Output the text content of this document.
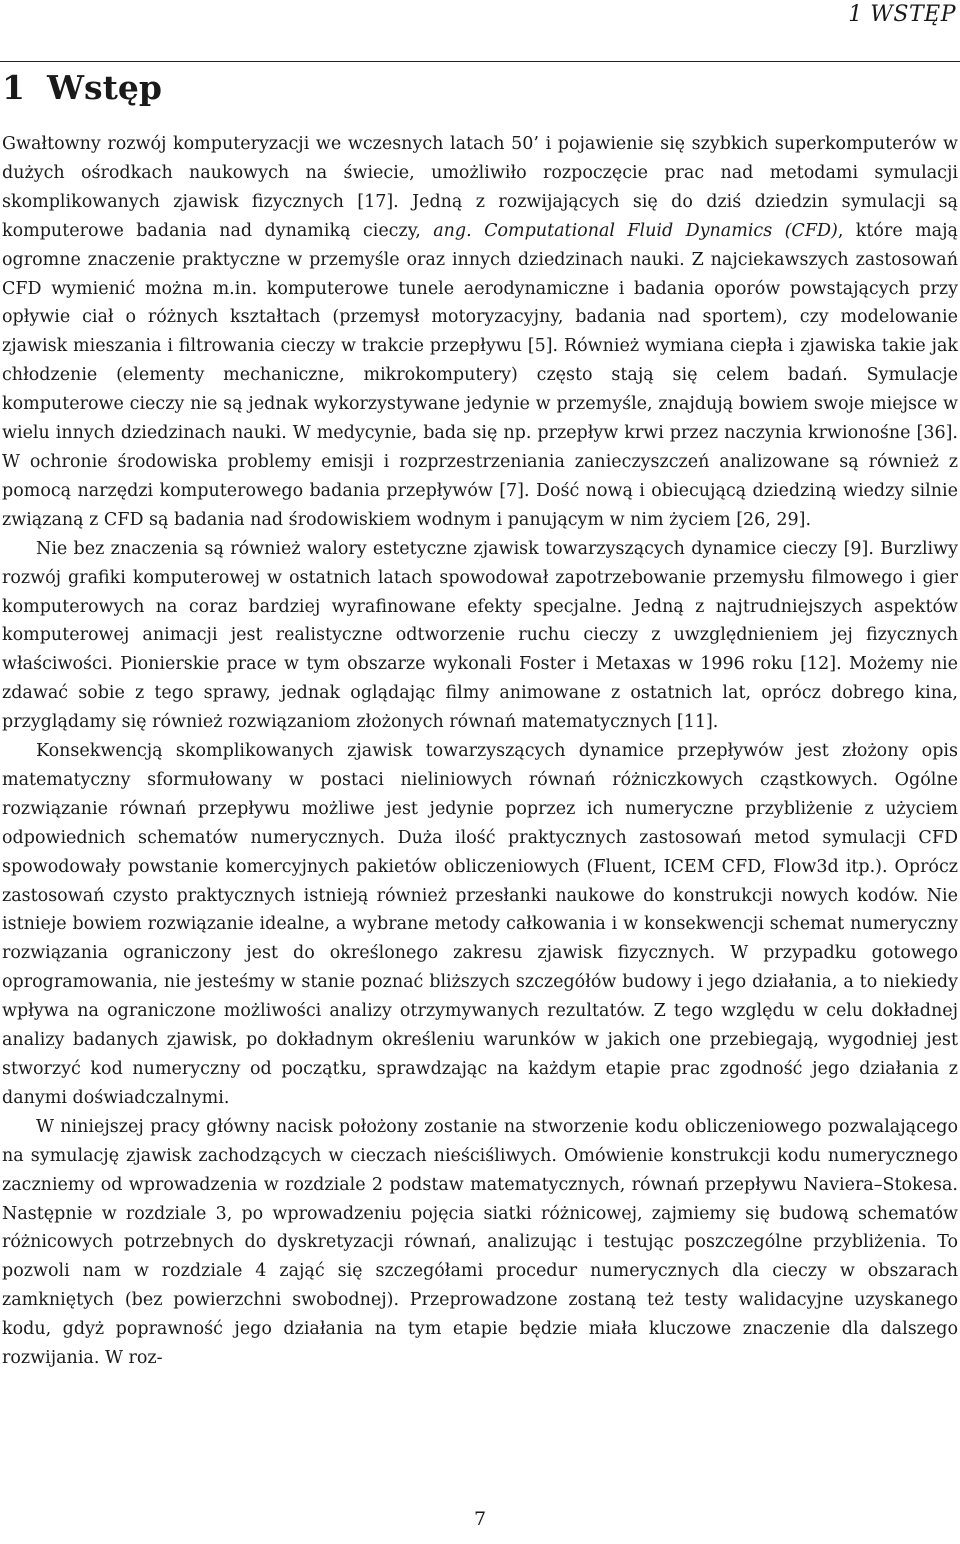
1 WSTĘP
1 Wstęp

Gwałtowny rozwój komputeryzacji we wczesnych latach 50’ i pojawienie się szybkich superkomputerów w dużych ośrodkach naukowych na świecie, umożliwiło rozpoczęcie prac nad metodami symulacji skomplikowanych zjawisk fizycznych [17]. Jedną z rozwijających się do dziś dziedzin symulacji są komputerowe badania nad dynamiką cieczy, ang. Computational Fluid Dynamics (CFD), które mają ogromne znaczenie praktyczne w przemyśle oraz innych dziedzinach nauki. Z najciekawszych zastosowań CFD wymienić można m.in. komputerowe tunele aerodynamiczne i badania oporów powstających przy opływie ciał o różnych kształtach (przemysł motoryzacyjny, badania nad sportem), czy modelowanie zjawisk mieszania i filtrowania cieczy w trakcie przepływu [5]. Również wymiana ciepła i zjawiska takie jak chłodzenie (elementy mechaniczne, mikrokomputery) często stają się celem badań. Symulacje komputerowe cieczy nie są jednak wykorzystywane jedynie w przemyśle, znajdują bowiem swoje miejsce w wielu innych dziedzinach nauki. W medycynie, bada się np. przepływ krwi przez naczynia krwionośne [36]. W ochronie środowiska problemy emisji i rozprzestrzeniania zanieczyszczeń analizowane są również z pomocą narzędzi komputerowego badania przepływów [7]. Dość nową i obiecującą dziedziną wiedzy silnie związaną z CFD są badania nad środowiskiem wodnym i panującym w nim życiem [26, 29].

Nie bez znaczenia są również walory estetyczne zjawisk towarzyszących dynamice cieczy [9]. Burzliwy rozwój grafiki komputerowej w ostatnich latach spowodował zapotrzebowanie przemysłu filmowego i gier komputerowych na coraz bardziej wyrafinowane efekty specjalne. Jedną z najtrudniejszych aspektów komputerowej animacji jest realistyczne odtworzenie ruchu cieczy z uwzględnieniem jej fizycznych właściwości. Pionierskie prace w tym obszarze wykonali Foster i Metaxas w 1996 roku [12]. Możemy nie zdawać sobie z tego sprawy, jednak oglądając filmy animowane z ostatnich lat, oprócz dobrego kina, przyglądamy się również rozwiązaniom złożonych równań matematycznych [11].

Konsekwencją skomplikowanych zjawisk towarzyszących dynamice przepływów jest złożony opis matematyczny sformułowany w postaci nieliniowych równań różniczkowych cząstkowych. Ogólne rozwiązanie równań przepływu możliwe jest jedynie poprzez ich numeryczne przybliżenie z użyciem odpowiednich schematów numerycznych. Duża ilość praktycznych zastosowań metod symulacji CFD spowodowały powstanie komercyjnych pakietów obliczeniowych (Fluent, ICEM CFD, Flow3d itp.). Oprócz zastosowań czysto praktycznych istnieją również przesłanki naukowe do konstrukcji nowych kodów. Nie istnieje bowiem rozwiązanie idealne, a wybrane metody całkowania i w konsekwencji schemat numeryczny rozwiązania ograniczony jest do określonego zakresu zjawisk fizycznych. W przypadku gotowego oprogramowania, nie jesteśmy w stanie poznać bliższych szczegółów budowy i jego działania, a to niekiedy wpływa na ograniczone możliwości analizy otrzymywanych rezultatów. Z tego względu w celu dokładnej analizy badanych zjawisk, po dokładnym określeniu warunków w jakich one przebiegają, wygodniej jest stworzyć kod numeryczny od początku, sprawdzając na każdym etapie prac zgodność jego działania z danymi doświadczalnymi.

W niniejszej pracy główny nacisk położony zostanie na stworzenie kodu obliczeniowego pozwalającego na symulację zjawisk zachodzących w cieczach nieściśliwych. Omówienie konstrukcji kodu numerycznego zaczniemy od wprowadzenia w rozdziale 2 podstaw matematycznych, równań przepływu Naviera–Stokesa. Następnie w rozdziale 3, po wprowadzeniu pojęcia siatki różnicowej, zajmiemy się budową schematów różnicowych potrzebnych do dyskretyzacji równań, analizując i testując poszczególne przybliżenia. To pozwoli nam w rozdziale 4 zająć się szczegółami procedur numerycznych dla cieczy w obszarach zamkniętych (bez powierzchni swobodnej). Przeprowadzone zostaną też testy walidacyjne uzyskanego kodu, gdyż poprawność jego działania na tym etapie będzie miała kluczowe znaczenie dla dalszego rozwijania. W roz-

7
